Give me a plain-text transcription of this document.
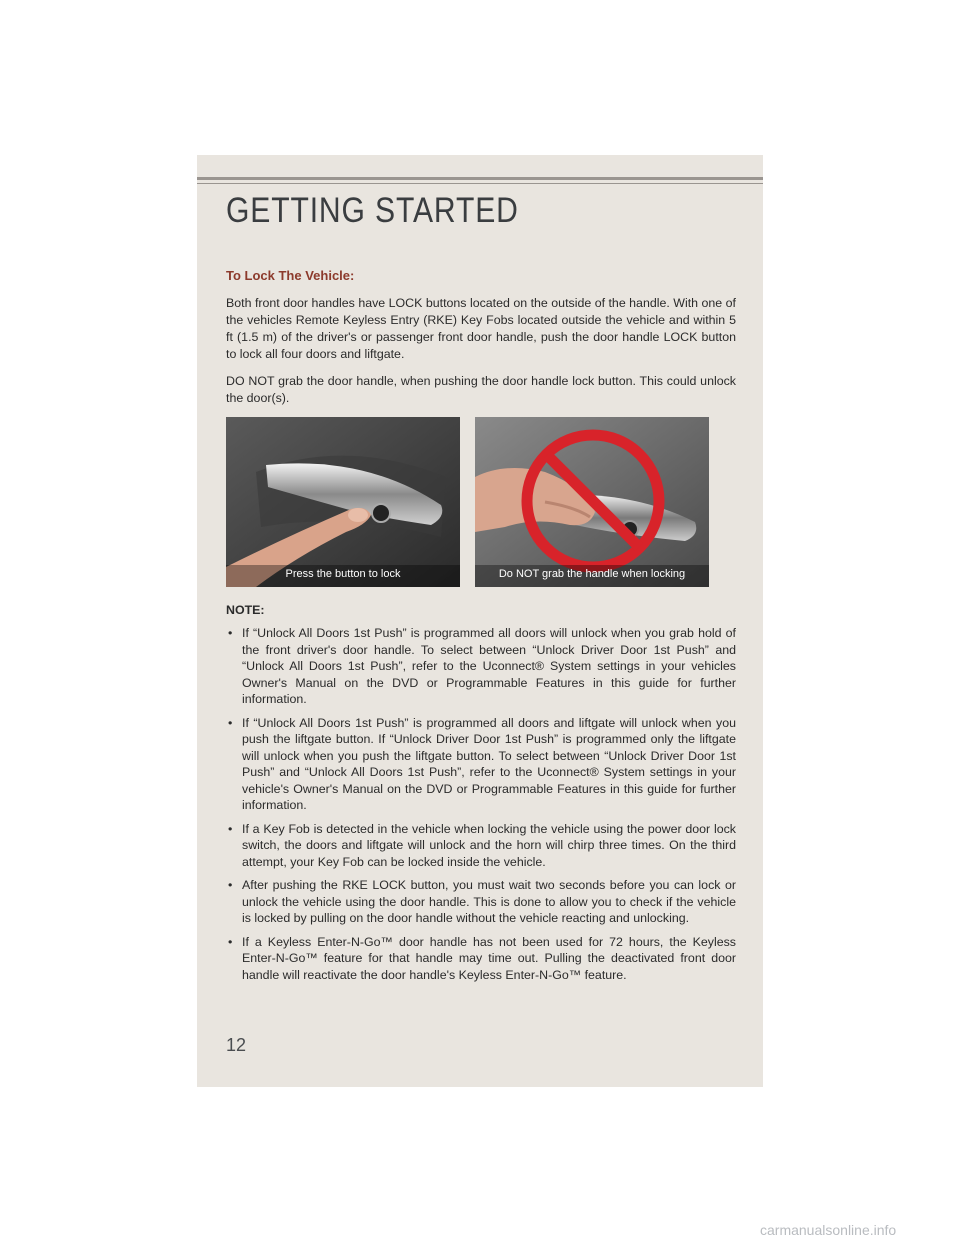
GETTING STARTED
To Lock The Vehicle:

Both front door handles have LOCK buttons located on the outside of the handle. With one of the vehicles Remote Keyless Entry (RKE) Key Fobs located outside the vehicle and within 5 ft (1.5 m) of the driver's or passenger front door handle, push the door handle LOCK button to lock all four doors and liftgate.

DO NOT grab the door handle, when pushing the door handle lock button. This could unlock the door(s).

Press the button to lock	Do NOT grab the handle when locking
NOTE:
• If “Unlock All Doors 1st Push” is programmed all doors will unlock when you grab hold of the front driver's door handle. To select between “Unlock Driver Door 1st Push” and “Unlock All Doors 1st Push”, refer to the Uconnect® System settings in your vehicles Owner's Manual on the DVD or Programmable Features in this guide for further information.
• If “Unlock All Doors 1st Push” is programmed all doors and liftgate will unlock when you push the liftgate button. If “Unlock Driver Door 1st Push” is programmed only the liftgate will unlock when you push the liftgate button. To select between “Unlock Driver Door 1st Push” and “Unlock All Doors 1st Push”, refer to the Uconnect® System settings in your vehicle's Owner's Manual on the DVD or Programmable Features in this guide for further information.
• If a Key Fob is detected in the vehicle when locking the vehicle using the power door lock switch, the doors and liftgate will unlock and the horn will chirp three times. On the third attempt, your Key Fob can be locked inside the vehicle.
• After pushing the RKE LOCK button, you must wait two seconds before you can lock or unlock the vehicle using the door handle. This is done to allow you to check if the vehicle is locked by pulling on the door handle without the vehicle reacting and unlocking.
• If a Keyless Enter-N-Go™ door handle has not been used for 72 hours, the Keyless Enter-N-Go™ feature for that handle may time out. Pulling the deactivated front door handle will reactivate the door handle's Keyless Enter-N-Go™ feature.
12
carmanualsonline.info
